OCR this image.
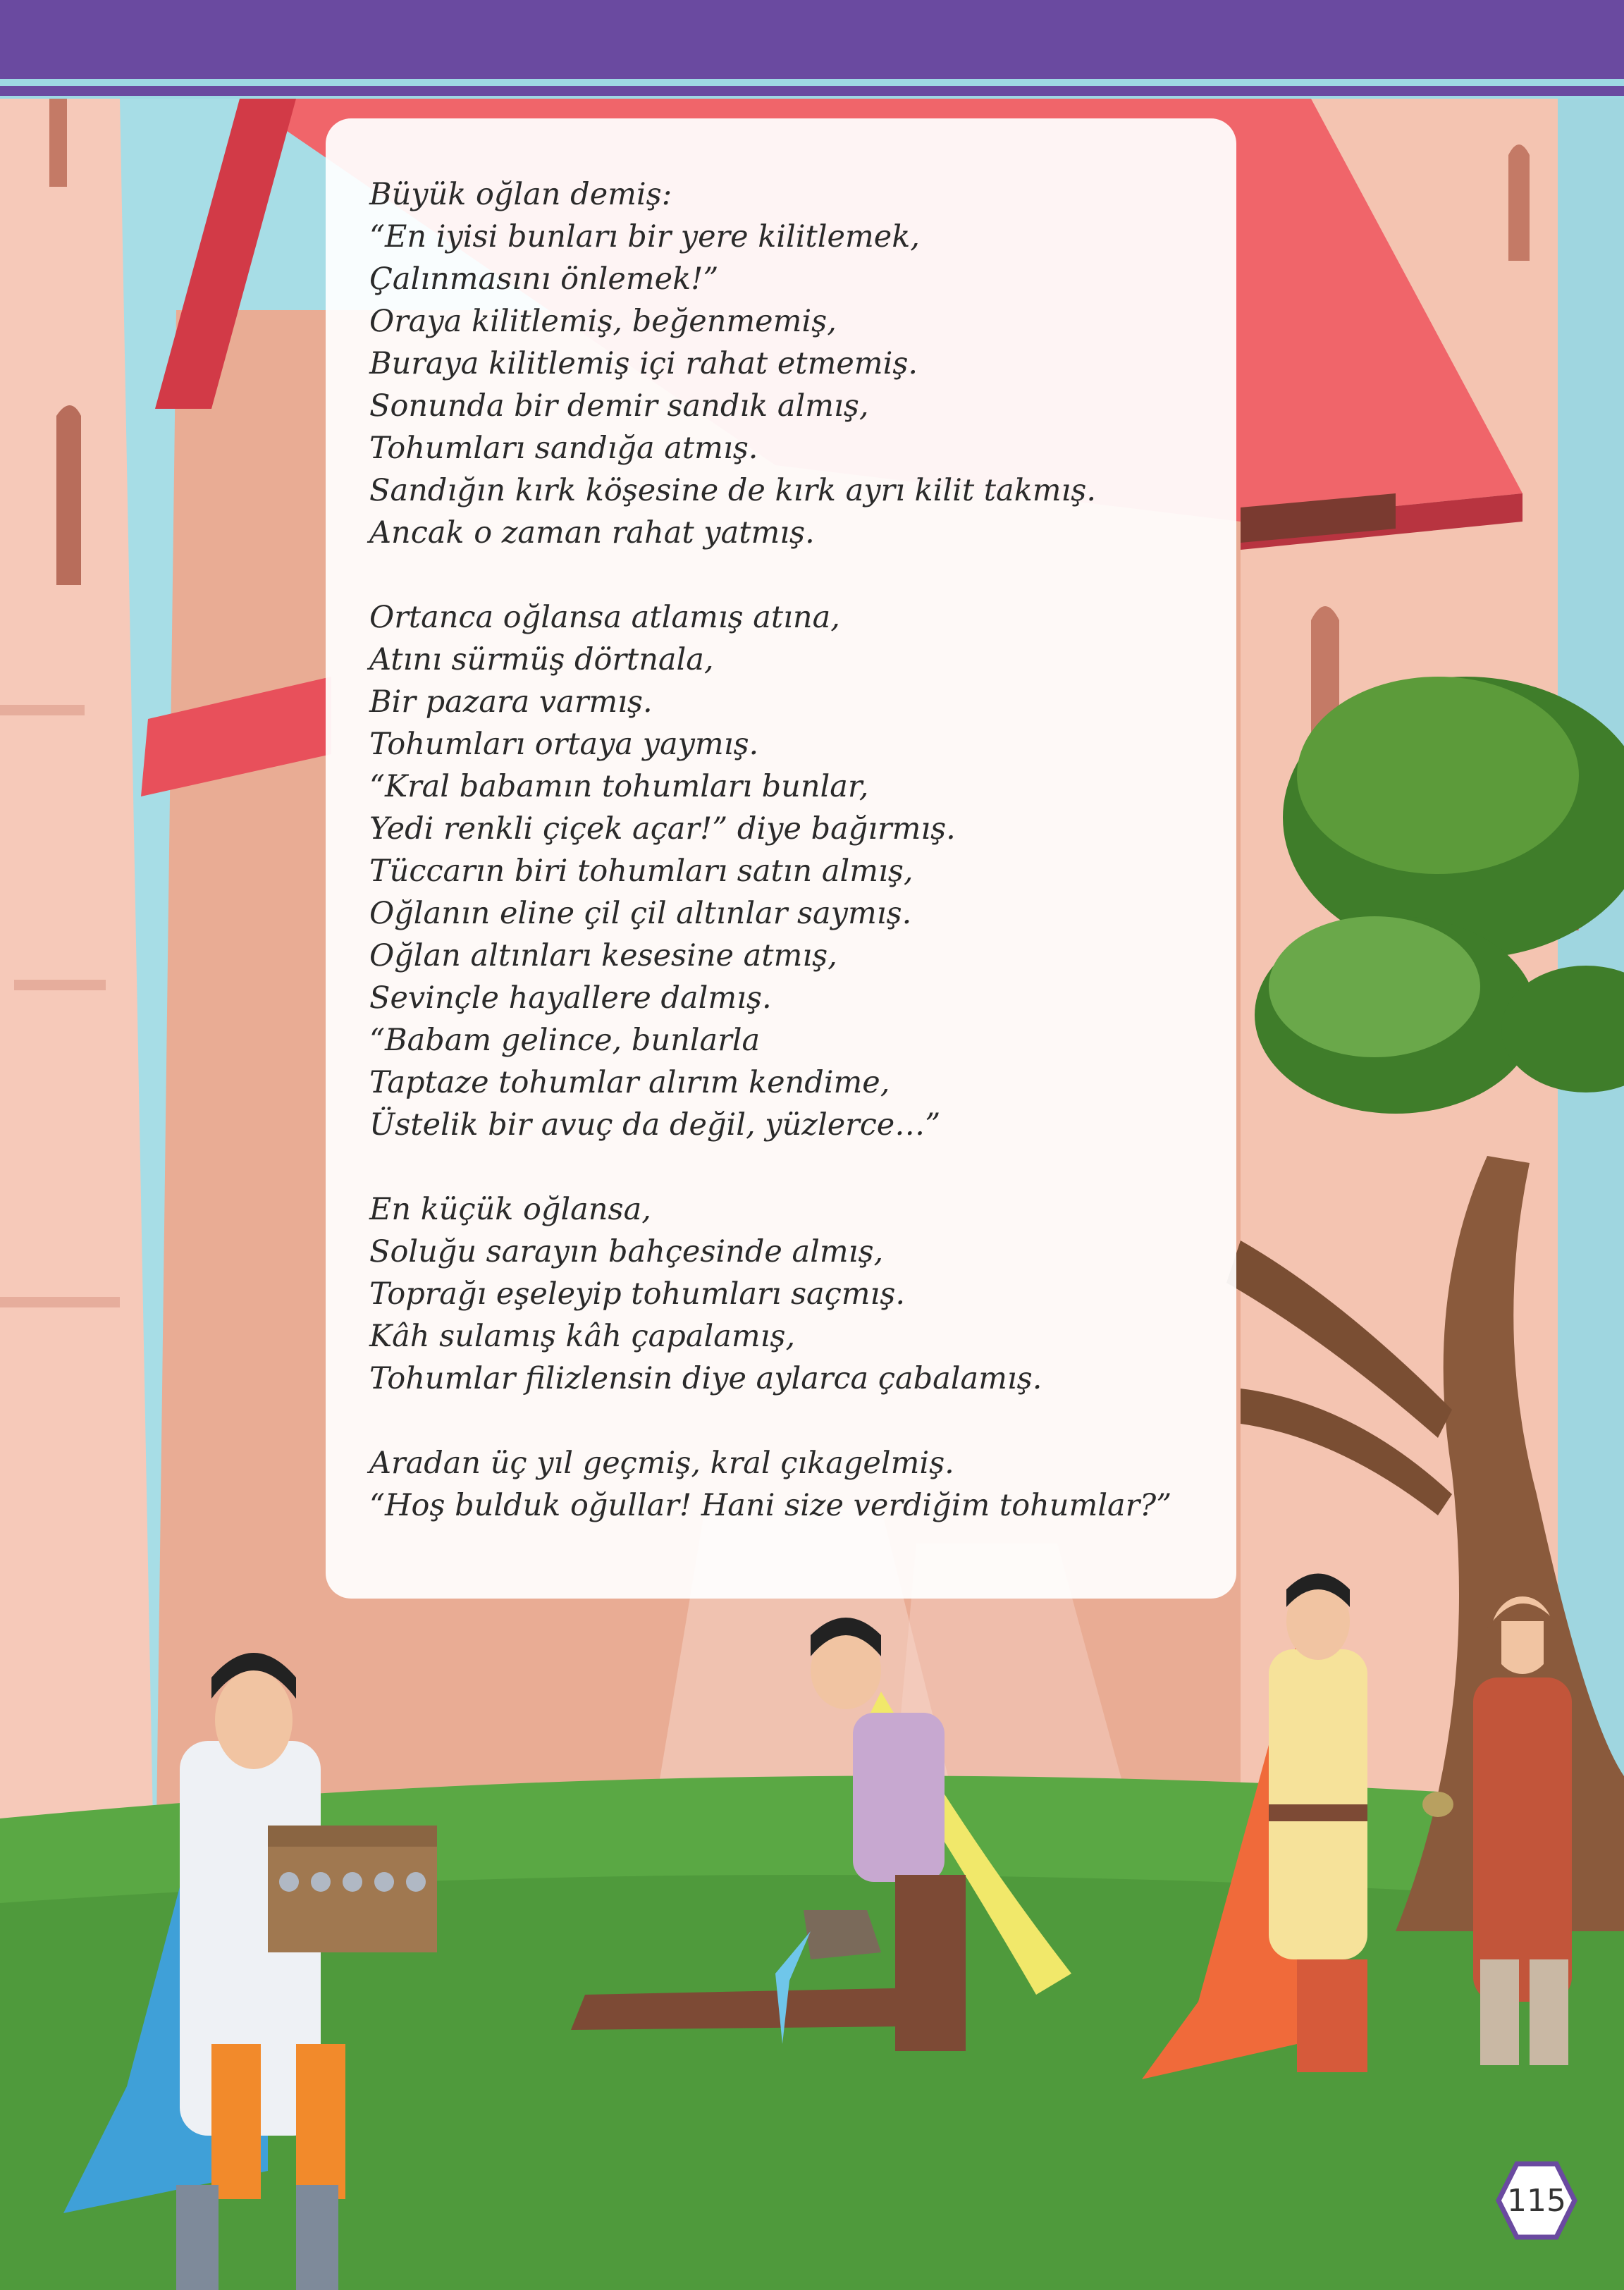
Büyük oğlan demiş:
“En iyisi bunları bir yere kilitlemek,
Çalınmasını önlemek!”
Oraya kilitlemiş, beğenmemiş,
Buraya kilitlemiş içi rahat etmemiş.
Sonunda bir demir sandık almış,
Tohumları sandığa atmış.
Sandığın kırk köşesine de kırk ayrı kilit takmış.
Ancak o zaman rahat yatmış.
Ortanca oğlansa atlamış atına,
Atını sürmüş dörtnala,
Bir pazara varmış.
Tohumları ortaya yaymış.
“Kral babamın tohumları bunlar,
Yedi renkli çiçek açar!” diye bağırmış.
Tüccarın biri tohumları satın almış,
Oğlanın eline çil çil altınlar saymış.
Oğlan altınları kesesine atmış,
Sevinçle hayallere dalmış.
“Babam gelince, bunlarla
Taptaze tohumlar alırım kendime,
Üstelik bir avuç da değil, yüzlerce…”
En küçük oğlansa,
Soluğu sarayın bahçesinde almış,
Toprağı eşeleyip tohumları saçmış.
Kâh sulamış kâh çapalamış,
Tohumlar filizlensin diye aylarca çabalamış.
Aradan üç yıl geçmiş, kral çıkagelmiş.
“Hoş bulduk oğullar! Hani size verdiğim tohumlar?”
115
